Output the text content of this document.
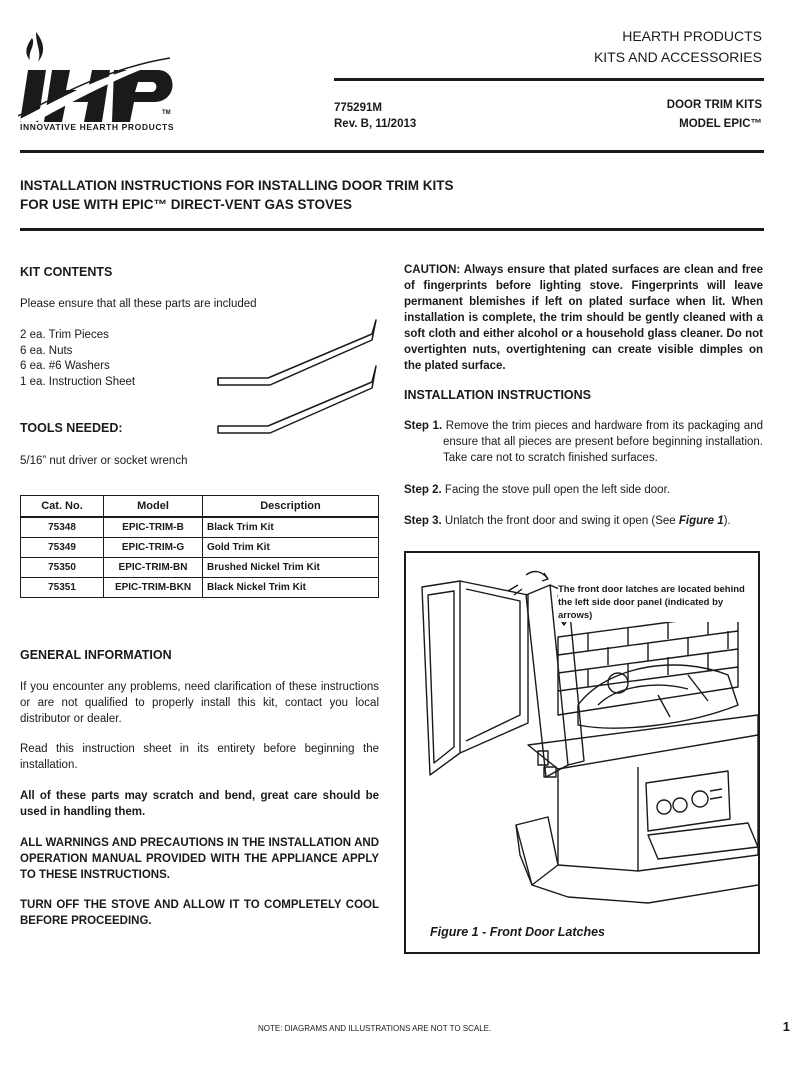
TM
INNOVATIVE HEARTH PRODUCTS
HEARTH PRODUCTS
KITS AND ACCESSORIES
775291M
Rev. B, 11/2013
DOOR TRIM KITS
MODEL EPIC™
INSTALLATION INSTRUCTIONS FOR INSTALLING DOOR TRIM KITS
FOR USE WITH EPIC™ DIRECT-VENT GAS STOVES
KIT CONTENTS

Please ensure that all these parts are included

2 ea. Trim Pieces
6 ea. Nuts
6 ea. #6 Washers
1 ea. Instruction Sheet
TOOLS NEEDED:

5/16” nut driver or socket wrench

Cat. No.	Model	Description
75348	EPIC-TRIM-B	Black Trim Kit
75349	EPIC-TRIM-G	Gold Trim Kit
75350	EPIC-TRIM-BN	Brushed Nickel Trim Kit
75351	EPIC-TRIM-BKN	Black Nickel Trim Kit
GENERAL INFORMATION

If you encounter any problems, need clarification of these instructions or are not qualified to properly install this kit, contact you local distributor or dealer.

Read this instruction sheet in its entirety before beginning the installation.

All of these parts may scratch and bend, great care should be used in handling them.

ALL WARNINGS AND PRECAUTIONS IN THE INSTALLATION AND OPERATION MANUAL PROVIDED WITH THE APPLIANCE APPLY TO THESE INSTRUCTIONS.

TURN OFF THE STOVE AND ALLOW IT TO COMPLETELY COOL BEFORE PROCEEDING.

CAUTION: Always ensure that plated surfaces are clean and free of fingerprints before lighting stove. Fingerprints will leave permanent blemishes if left on plated surface when lit. When installation is complete, the trim should be gently cleaned with a soft cloth and either alcohol or a household glass cleaner. Do not overtighten nuts, overtightening can create visible dimples on the plated surface.

INSTALLATION INSTRUCTIONS
Step 1. Remove the trim pieces and hardware from its packaging and ensure that all pieces are present before beginning installation. Take care not to scratch finished surfaces.
Step 2. Facing the stove pull open the left side door.
Step 3. Unlatch the front door and swing it open (See Figure 1).
The front door latches are located behind the left side door panel (indicated by arrows)
Figure 1 - Front Door Latches
NOTE: DIAGRAMS AND ILLUSTRATIONS ARE NOT TO SCALE.	1
